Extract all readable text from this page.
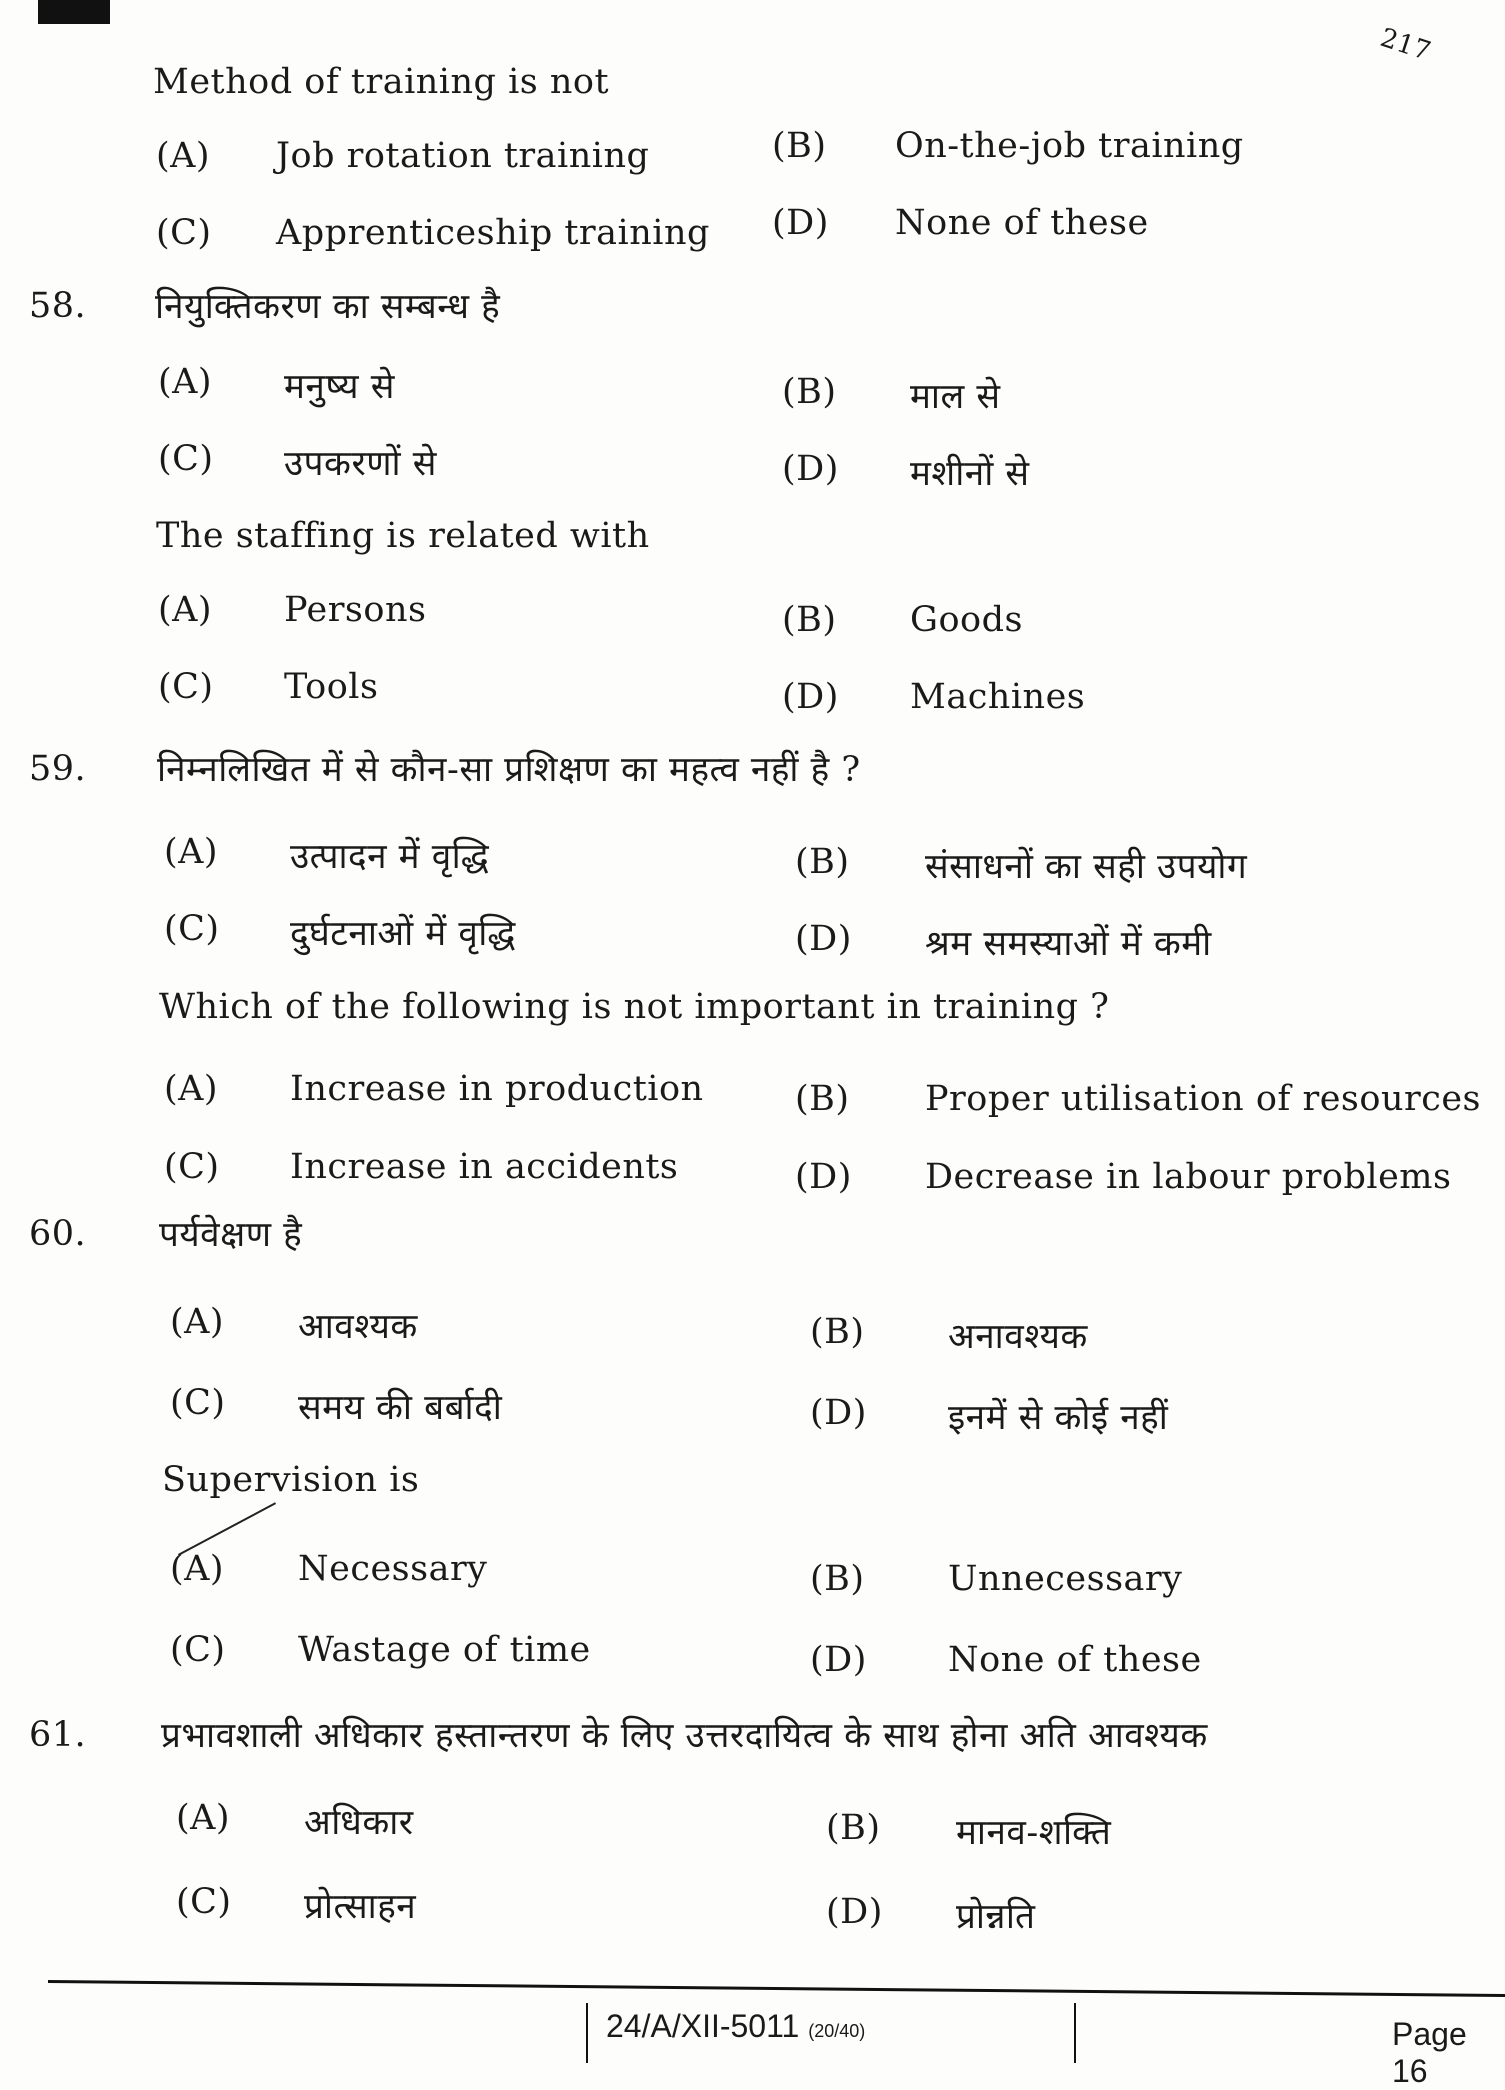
217
Method of training is not
(A) Job rotation training	(B) On-the-job training
(C) Apprenticeship training (D) None of these
58. नियुक्तिकरण का सम्बन्ध है
(A) मनुष्य से	(B) माल से
(C) उपकरणों से	(D) मशीनों से
The staffing is related with
(A) Persons	(B) Goods
(C) Tools	(D) Machines
59. निम्नलिखित में से कौन-सा प्रशिक्षण का महत्व नहीं है ?
(A) उत्पादन में वृद्धि	(B) संसाधनों का सही उपयोग
(C) दुर्घटनाओं में वृद्धि	(D) श्रम समस्याओं में कमी
Which of the following is not important in training ?
(A) Increase in production	(B) Proper utilisation of resources
(C) Increase in accidents	(D) Decrease in labour problems
60. पर्यवेक्षण है
(A) आवश्यक	(B) अनावश्यक
(C) समय की बर्बादी	(D) इनमें से कोई नहीं
Supervision is
(A) Necessary	(B) Unnecessary
(C) Wastage of time	(D) None of these
61. प्रभावशाली अधिकार हस्तान्तरण के लिए उत्तरदायित्व के साथ होना अति आवश्यक
(A) अधिकार	(B) मानव-शक्ति
(C) प्रोत्साहन	(D) प्रोन्नति
24/A/XII-5011 (20/40)	Page 16
